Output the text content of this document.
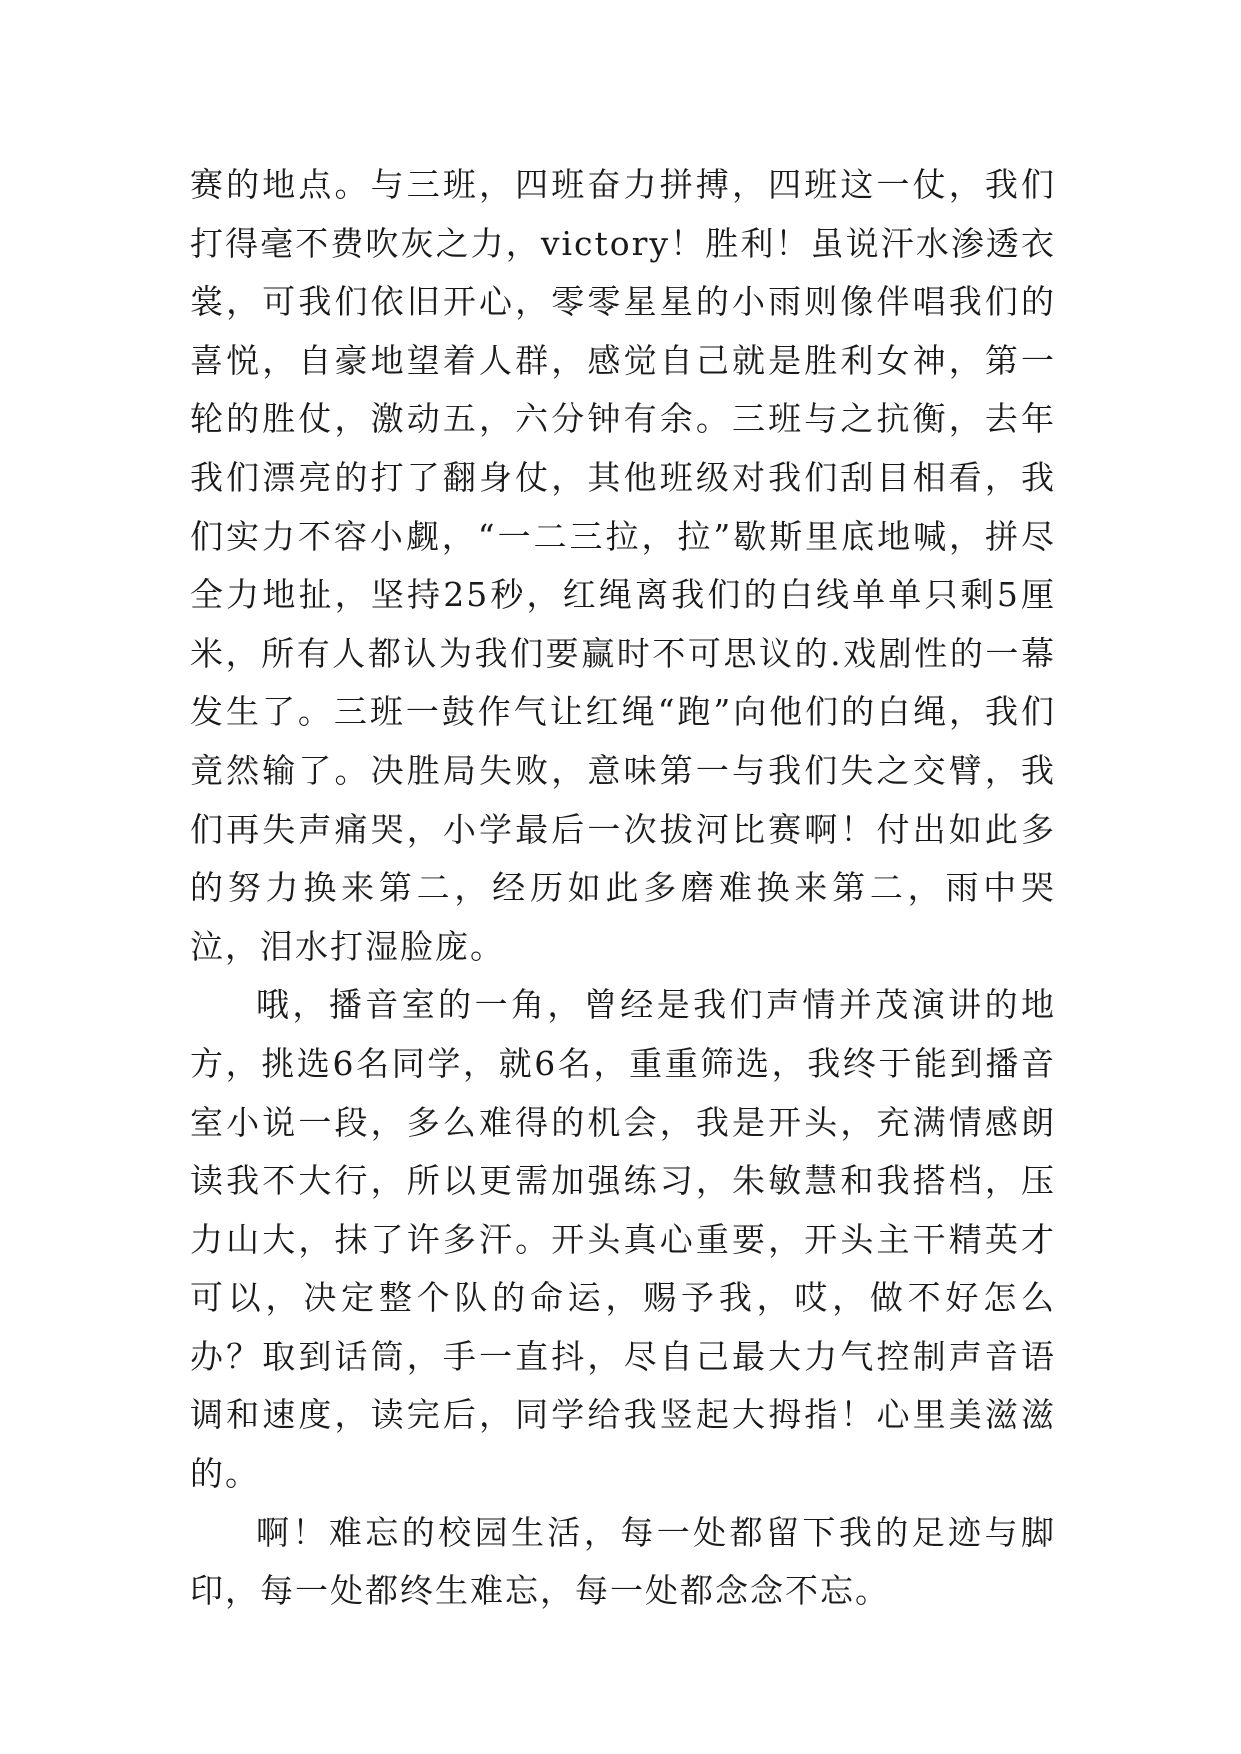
赛的地点。与三班，四班奋力拼搏，四班这一仗，我们打得毫不费吹灰之力，victory！胜利！虽说汗水渗透衣裳，可我们依旧开心，零零星星的小雨则像伴唱我们的喜悦，自豪地望着人群，感觉自己就是胜利女神，第一轮的胜仗，激动五，六分钟有余。三班与之抗衡，去年我们漂亮的打了翻身仗，其他班级对我们刮目相看，我们实力不容小觑，“一二三拉，拉”歇斯里底地喊，拼尽全力地扯，坚持25秒，红绳离我们的白线单单只剩5厘米，所有人都认为我们要赢时不可思议的.戏剧性的一幕发生了。三班一鼓作气让红绳“跑”向他们的白绳，我们竟然输了。决胜局失败，意味第一与我们失之交臂，我们再失声痛哭，小学最后一次拔河比赛啊！付出如此多的努力换来第二，经历如此多磨难换来第二，雨中哭泣，泪水打湿脸庞。

哦，播音室的一角，曾经是我们声情并茂演讲的地方，挑选6名同学，就6名，重重筛选，我终于能到播音室小说一段，多么难得的机会，我是开头，充满情感朗读我不大行，所以更需加强练习，朱敏慧和我搭档，压力山大，抹了许多汗。开头真心重要，开头主干精英才可以，决定整个队的命运，赐予我，哎，做不好怎么办？取到话筒，手一直抖，尽自己最大力气控制声音语调和速度，读完后，同学给我竖起大拇指！心里美滋滋的。

啊！难忘的校园生活，每一处都留下我的足迹与脚印，每一处都终生难忘，每一处都念念不忘。
